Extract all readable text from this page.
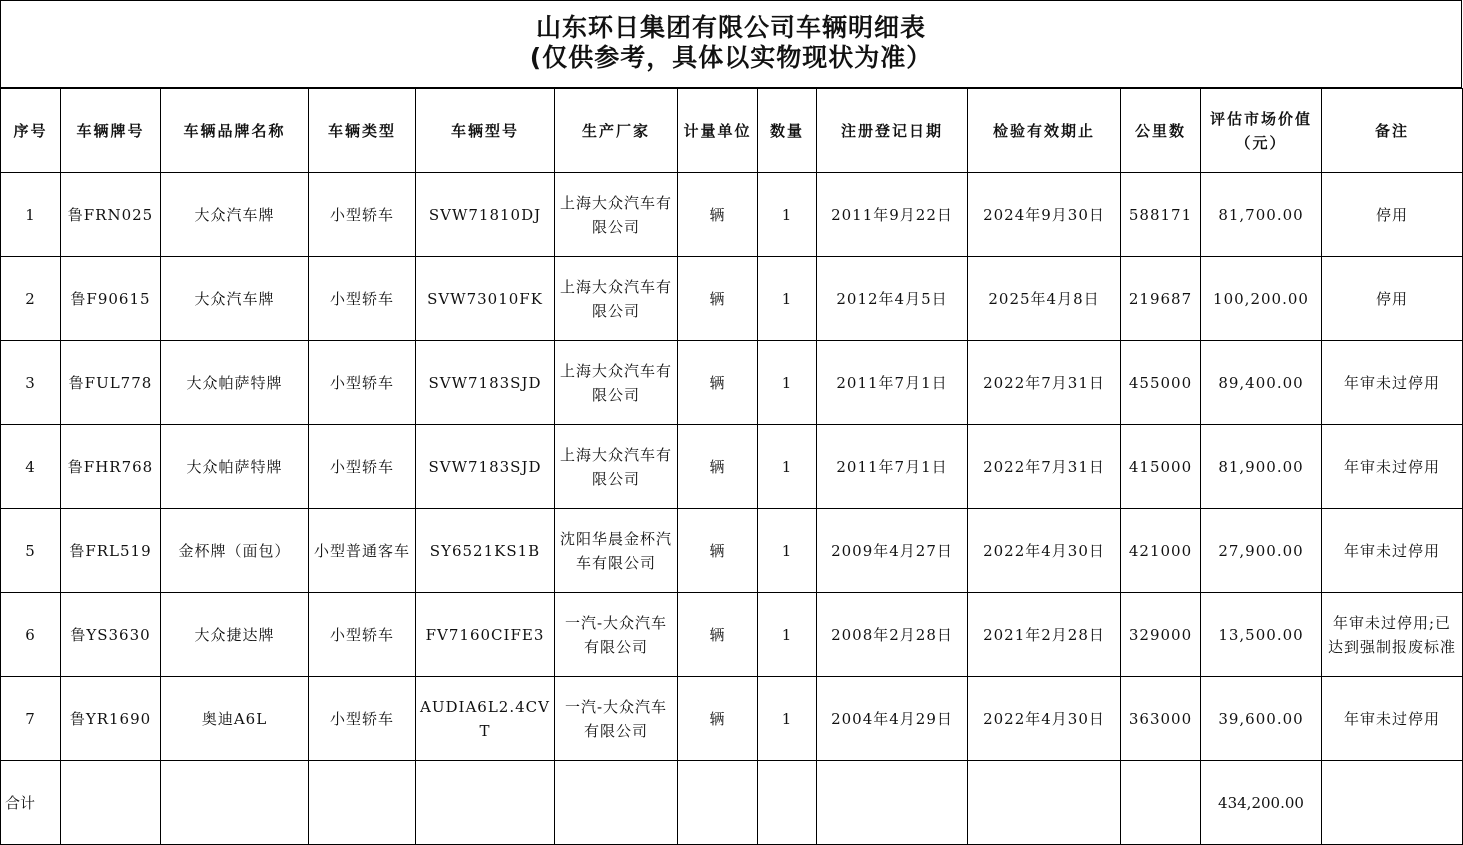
山东环日集团有限公司车辆明细表
(仅供参考，具体以实物现状为准）
序号	车辆牌号	车辆品牌名称	车辆类型	车辆型号	生产厂家	计量单位	数量	注册登记日期	检验有效期止	公里数	评估市场价值（元）	备注
1	鲁FRN025	大众汽车牌	小型轿车	SVW71810DJ	上海大众汽车有限公司	辆	1	2011年9月22日	2024年9月30日	588171	81,700.00	停用
2	鲁F90615	大众汽车牌	小型轿车	SVW73010FK	上海大众汽车有限公司	辆	1	2012年4月5日	2025年4月8日	219687	100,200.00	停用
3	鲁FUL778	大众帕萨特牌	小型轿车	SVW7183SJD	上海大众汽车有限公司	辆	1	2011年7月1日	2022年7月31日	455000	89,400.00	年审未过停用
4	鲁FHR768	大众帕萨特牌	小型轿车	SVW7183SJD	上海大众汽车有限公司	辆	1	2011年7月1日	2022年7月31日	415000	81,900.00	年审未过停用
5	鲁FRL519	金杯牌（面包）	小型普通客车	SY6521KS1B	沈阳华晨金杯汽车有限公司	辆	1	2009年4月27日	2022年4月30日	421000	27,900.00	年审未过停用
6	鲁YS3630	大众捷达牌	小型轿车	FV7160CIFE3	一汽-大众汽车有限公司	辆	1	2008年2月28日	2021年2月28日	329000	13,500.00	年审未过停用;已达到强制报废标准
7	鲁YR1690	奥迪A6L	小型轿车	AUDIA6L2.4CVT	一汽-大众汽车有限公司	辆	1	2004年4月29日	2022年4月30日	363000	39,600.00	年审未过停用
合计											434,200.00	
